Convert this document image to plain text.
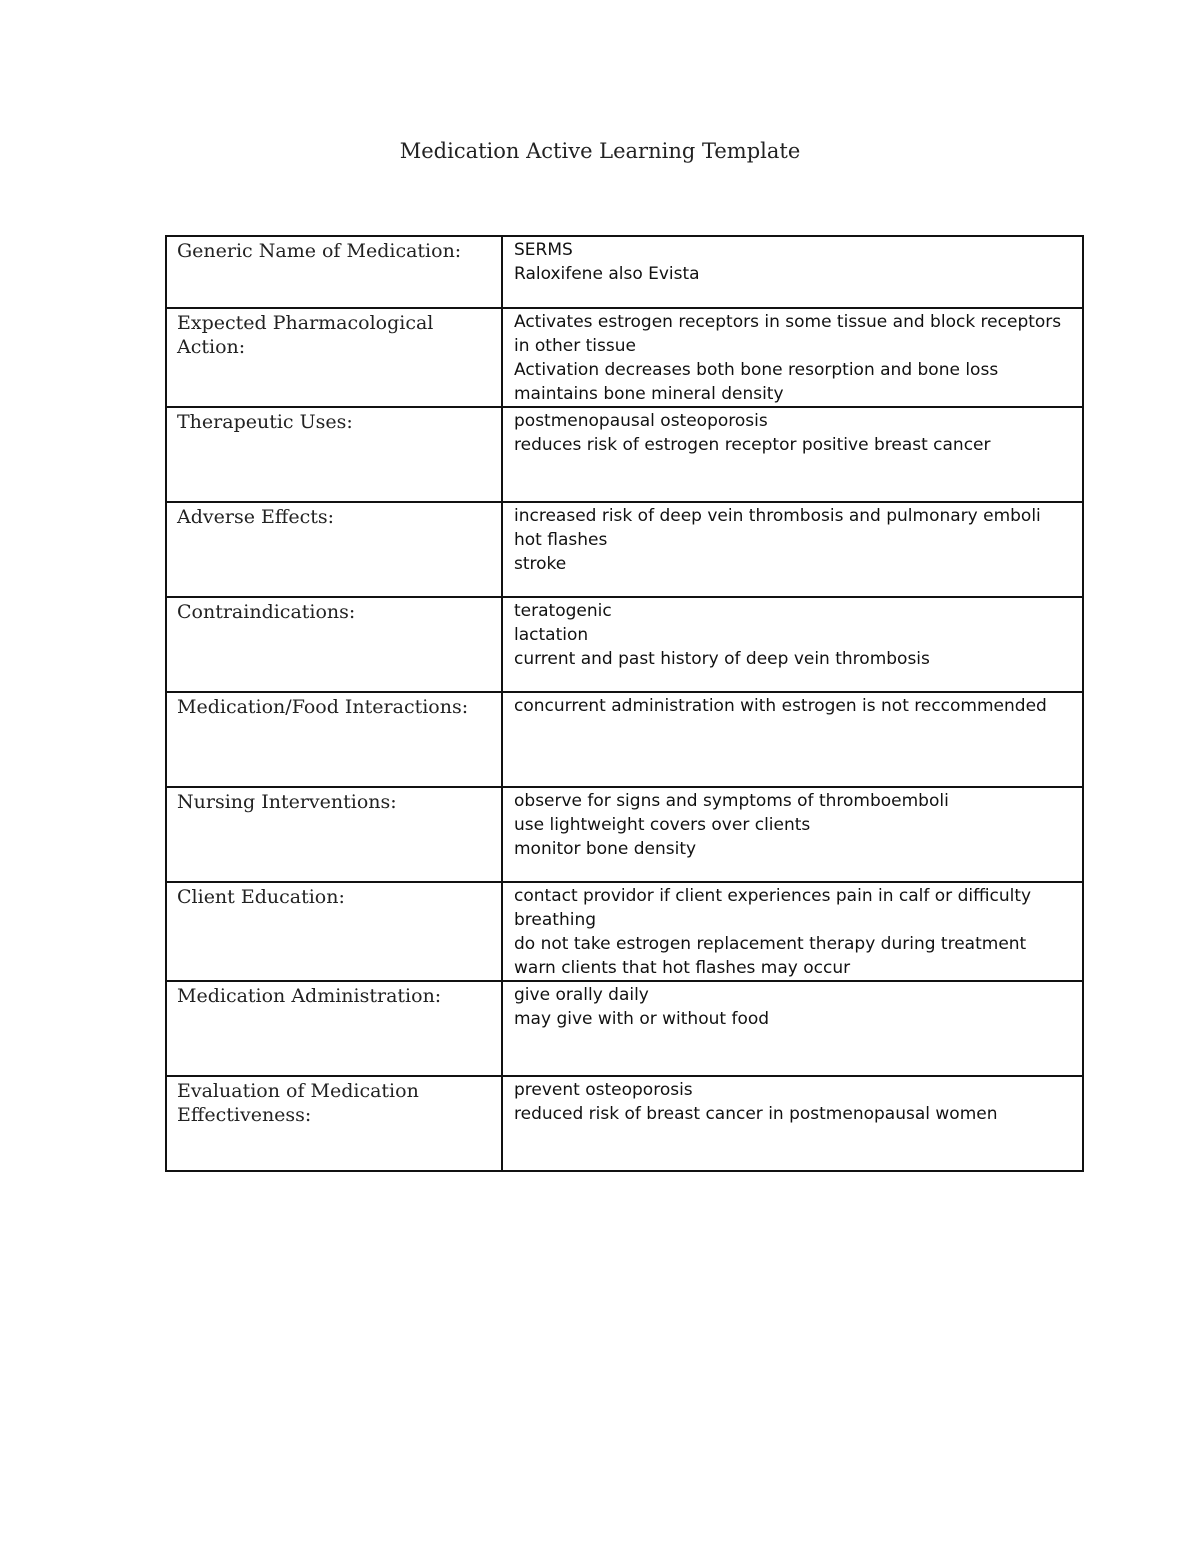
Medication Active Learning Template
Generic Name of Medication:	SERMS
Raloxifene also Evista

Expected Pharmacological Action:	Activates estrogen receptors in some tissue and block receptors in other tissue
Activation decreases both bone resorption and bone loss
maintains bone mineral density

Therapeutic Uses:	postmenopausal osteoporosis
reduces risk of estrogen receptor positive breast cancer

Adverse Effects:	increased risk of deep vein thrombosis and pulmonary emboli
hot flashes
stroke

Contraindications:	teratogenic
lactation
current and past history of deep vein thrombosis

Medication/Food Interactions:	concurrent administration with estrogen is not reccommended

Nursing Interventions:	observe for signs and symptoms of thromboemboli
use lightweight covers over clients
monitor bone density

Client Education:	contact providor if client experiences pain in calf or difficulty breathing
do not take estrogen replacement therapy during treatment
warn clients that hot flashes may occur

Medication Administration:	give orally daily
may give with or without food

Evaluation of Medication Effectiveness:	prevent osteoporosis
reduced risk of breast cancer in postmenopausal women
